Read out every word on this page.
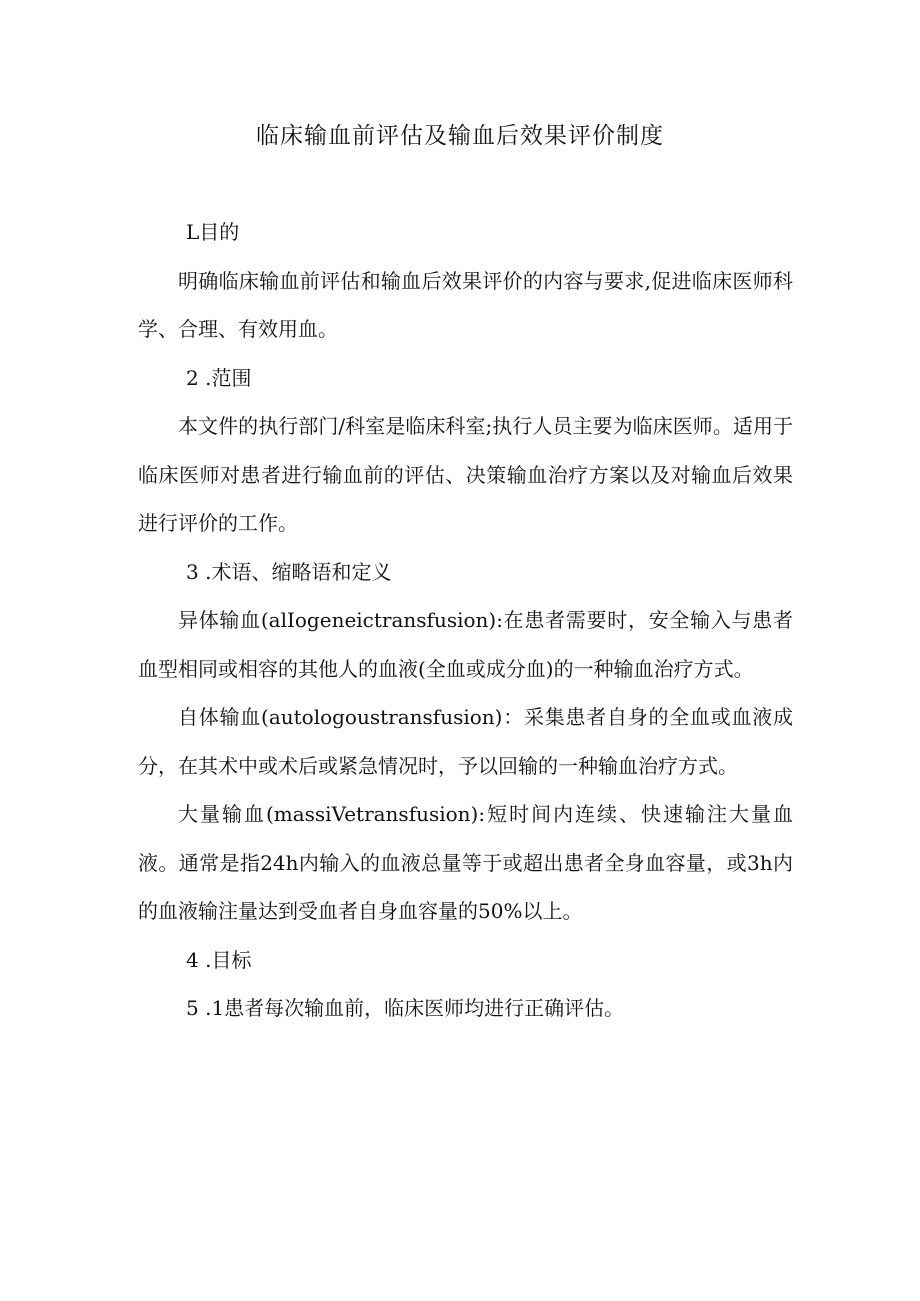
临床输血前评估及输血后效果评价制度

L目的

明确临床输血前评估和输血后效果评价的内容与要求,促进临床医师科学、合理、有效用血。

2 .范围

本文件的执行部门/科室是临床科室;执行人员主要为临床医师。适用于临床医师对患者进行输血前的评估、决策输血治疗方案以及对输血后效果进行评价的工作。

3 .术语、缩略语和定义

异体输血(alIogeneictransfusion):在患者需要时，安全输入与患者血型相同或相容的其他人的血液(全血或成分血)的一种输血治疗方式。

自体输血(autologoustransfusion)：采集患者自身的全血或血液成分，在其术中或术后或紧急情况时，予以回输的一种输血治疗方式。

大量输血(massiVetransfusion):短时间内连续、快速输注大量血液。通常是指24h内输入的血液总量等于或超出患者全身血容量，或3h内的血液输注量达到受血者自身血容量的50%以上。

4 .目标

5 .1患者每次输血前，临床医师均进行正确评估。
